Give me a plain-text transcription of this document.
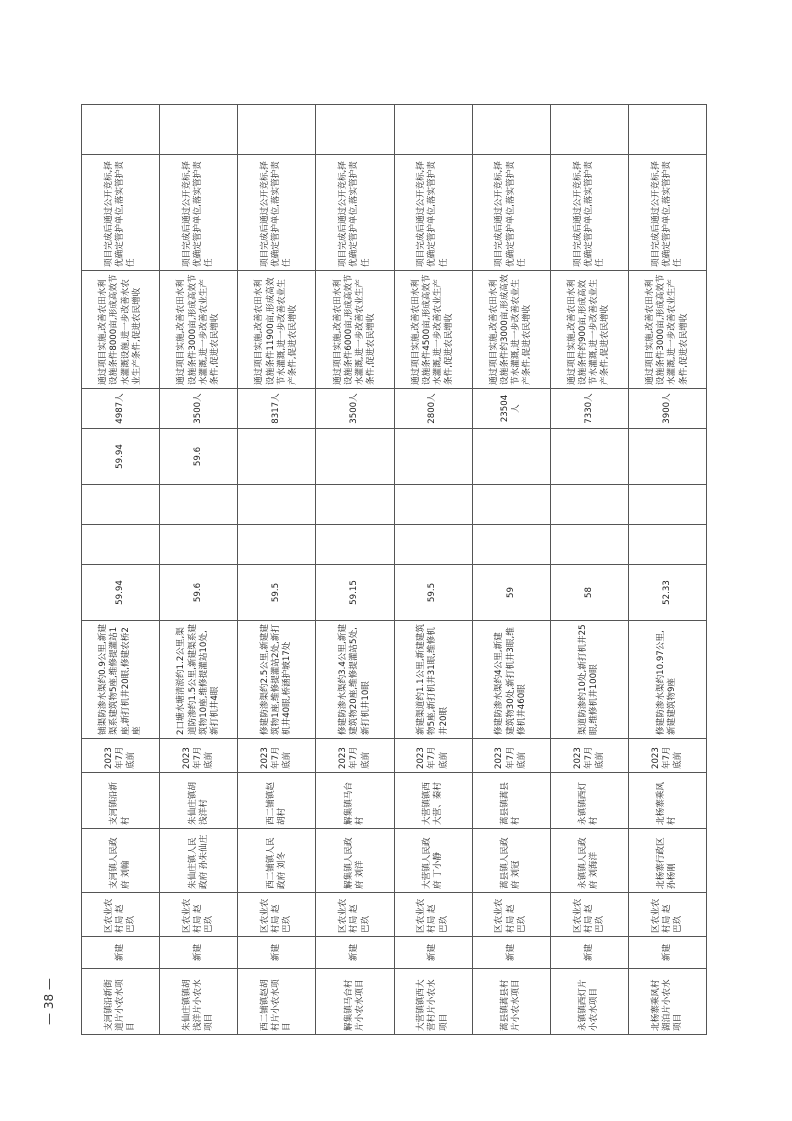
支河镇沿新街道片小农水项目	新建	区农业农村局 赵巴玖	支河镇人民政府 刘翰	支河镇沿新村	2023年7月底前	铺渠防渗水渠约0.9公里,新建渠系建筑物5座,维修提灌站1座,新打机井20眼,修建农桥2座	59.94			59.94	4987人	通过项目实施,改善农田水利设施条件8000亩,形成高效节水灌溉设施,进一步改善水农业生产条件,促进农民增收	项目完成后通过公开竞标,择优确定管护单位,落实管护责任	
朱仙庄镇镇胡浅洋片小农水项目	新建	区农业农村局 赵巴玖	朱仙庄镇人民政府 孙朱仙庄	朱仙庄镇胡浅洋村	2023年7月底前	2口塘水塘清淤约1.2公里,渠道防渗约1.5公里,新建渠系建筑物10座,维修提灌站10处,新打机井4眼	59.6			59.6	3500人	通过项目实施,改善农田水利设施条件3000亩,形成高效节水灌溉,进一步改善农业生产条件,促进农民增收	项目完成后通过公开竞标,择优确定管护单位,落实管护责任	
西二铺镇赵胡村片小农水项目	新建	区农业农村局 赵巴玖	西二铺镇人民政府 刘冬	西二铺镇赵胡村	2023年7月底前	修建防渗渠约2.5公里,新建建筑物1座,维修提灌站2处,新打机井40眼,桥涵护坡17处	59.5				8317人	通过项目实施,改善农田水利设施条件11900亩,形成高效节水灌溉,进一步改善农业生产条件,促进农民增收	项目完成后通过公开竞标,择优确定管护单位,落实管护责任	
解集镇马台村片小农水项目	新建	区农业农村局 赵巴玖	解集镇人民政府 刘洋	解集镇马台村	2023年7月底前	修建防渗水渠约3.4公里,新建建筑物20座,维修提灌站5处,新打机井10眼	59.15				3500人	通过项目实施,改善农田水利设施条件6000亩,形成高效节水灌溉,进一步改善农业生产条件,促进农民增收	项目完成后通过公开竞标,择优确定管护单位,落实管护责任	
大营镇镇西大营村片小农水项目	新建	区农业农村局 赵巴玖	大营镇人民政府 丁小静	大营镇镇西大营、秦村	2023年7月底前	新建渠道约1.1公里,新建建筑物5座,新打机井31眼,维修机井20眼	59.5				2800人	通过项目实施,改善农田水利设施条件4500亩,形成高效节水灌溉,进一步改善农业生产条件,促进农民增收	项目完成后通过公开竞标,择优确定管护单位,落实管护责任	
蒿县镇蒿县村片小农水项目	新建	区农业农村局 赵巴玖	蒿县镇人民政府 刘冠	蒿县镇蒿县村	2023年7月底前	修建防渗水渠约4公里,新建建筑物30处,新打机井3眼,维修机井460眼	59				23504人	通过项目实施,改善农田水利设施条件约3000亩,形成高效节水灌溉,进一步改善农业生产条件,促进农民增收	项目完成后通过公开竞标,择优确定管护单位,落实管护责任	
永镇镇西灯片小农水项目	新建	区农业农村局 赵巴玖	永镇镇人民政府 刘海洋	永镇镇西灯村	2023年7月底前	渠道防渗约10处,新打机井25眼,维修机井100眼	58				7330人	通过项目实施,改善农田水利设施条件约900亩,形成高效节水灌溉,进一步改善农业生产条件,促进农民增收	项目完成后通过公开竞标,择优确定管护单位,落实管护责任	
北杨寨乘风村湖泊片小农水项目	新建	区农业农村局 赵巴玖	北杨寨行政区 孙杨刚	北杨寨乘风村	2023年7月底前	修建防渗水渠约10.97公里,新建建筑物9座	52.33				3900人	通过项目实施,改善农田水利设施条件3000亩,形成高效节水灌溉,进一步改善农业生产条件,促进农民增收	项目完成后通过公开竞标,择优确定管护单位,落实管护责任	
— 38 —
